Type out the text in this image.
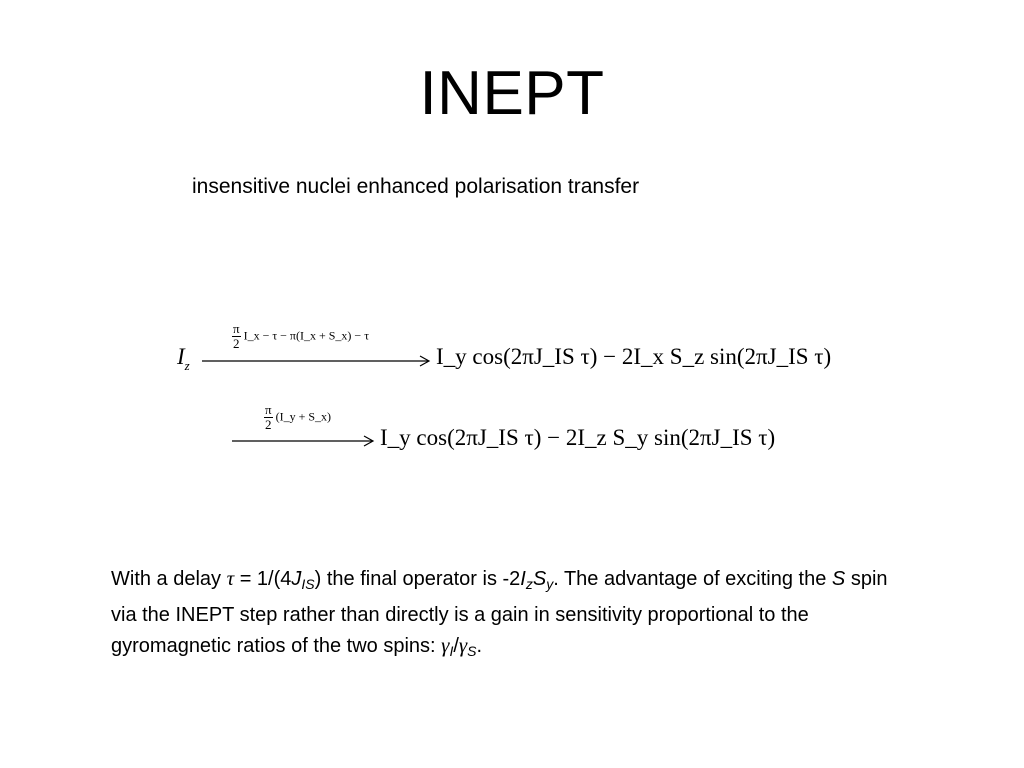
INEPT
insensitive nuclei enhanced polarisation transfer
$I_z$
$\frac{\pi}{2}$ I_x − τ − π(I_x + S_x) − τ
I_y cos(2πJ_IS τ) − 2I_x S_z sin(2πJ_IS τ)
$\frac{\pi}{2}$ (I_y + S_x)
I_y cos(2πJ_IS τ) − 2I_z S_y sin(2πJ_IS τ)
With a delay $\tau = 1/(4J_{IS})$ the final operator is $-2I_zS_y$. The advantage of exciting the S spin via the INEPT step rather than directly is a gain in sensitivity proportional to the gyromagnetic ratios of the two spins: $\gamma_I/\gamma_S$.
